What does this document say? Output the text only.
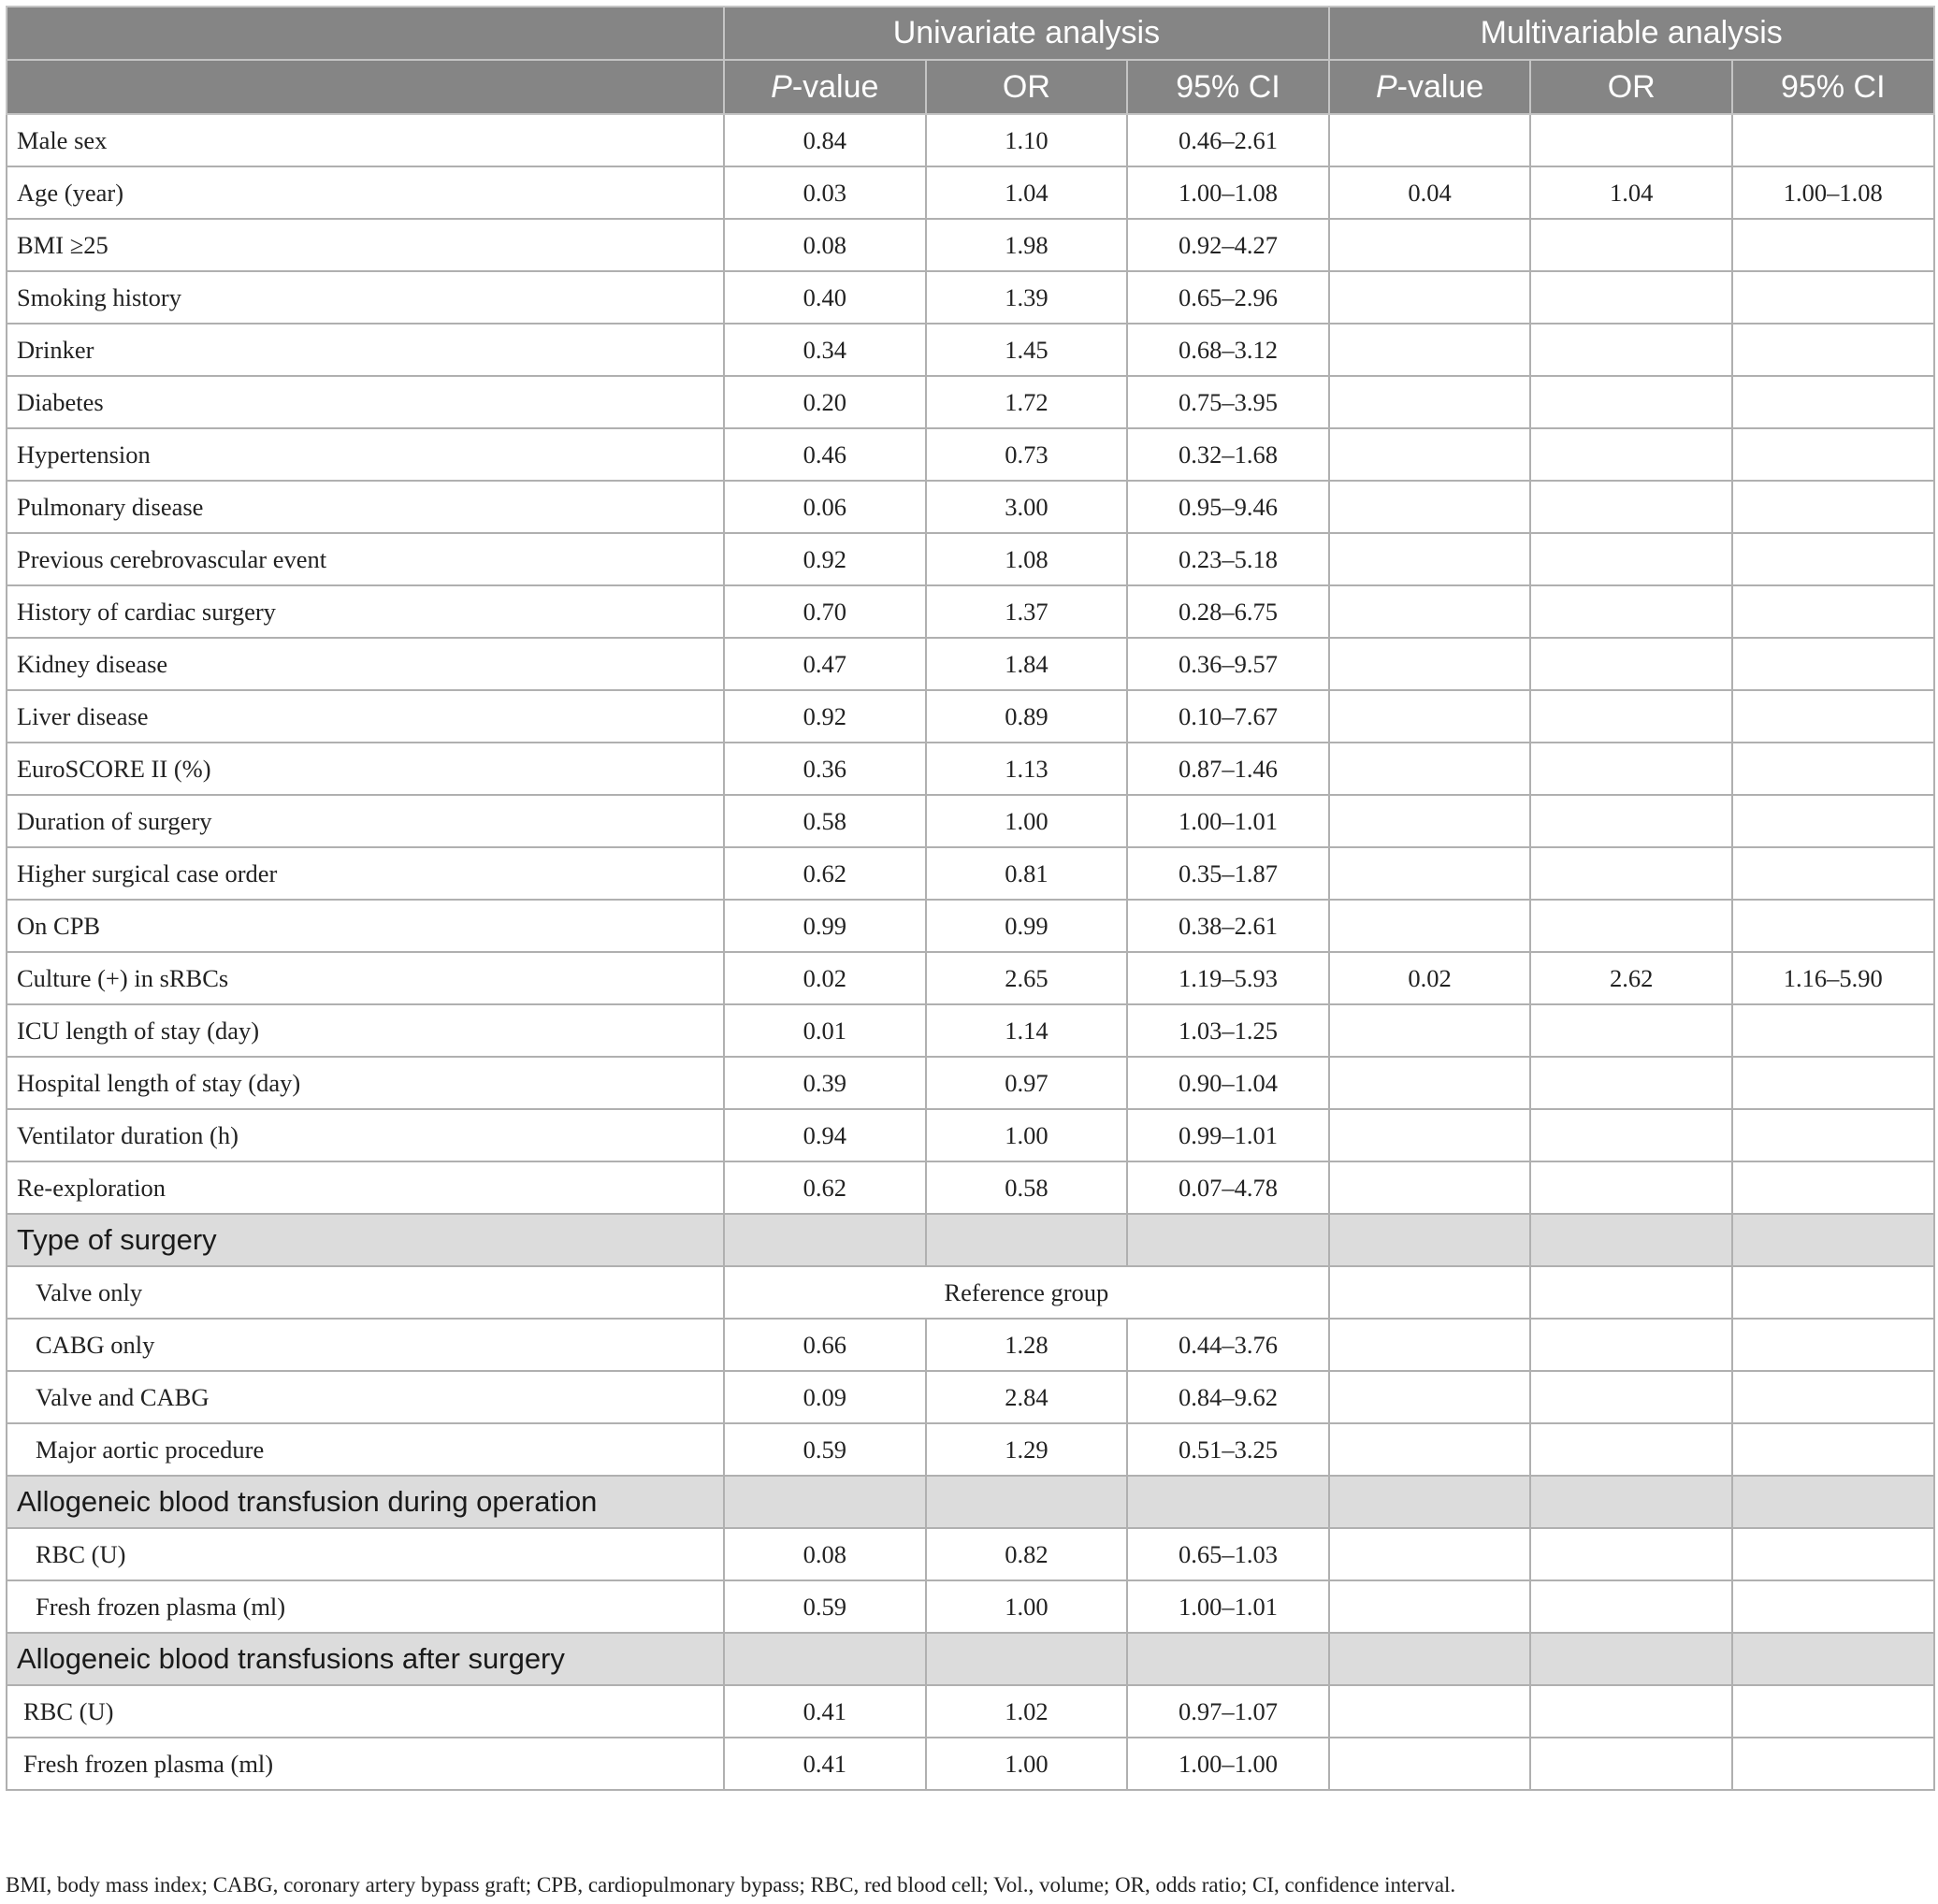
	Univariate analysis			Multivariable analysis		
	P-value	OR	95% CI	P-value	OR	95% CI
Male sex	0.84	1.10	0.46–2.61			
Age (year)	0.03	1.04	1.00–1.08	0.04	1.04	1.00–1.08
BMI ≥25	0.08	1.98	0.92–4.27			
Smoking history	0.40	1.39	0.65–2.96			
Drinker	0.34	1.45	0.68–3.12			
Diabetes	0.20	1.72	0.75–3.95			
Hypertension	0.46	0.73	0.32–1.68			
Pulmonary disease	0.06	3.00	0.95–9.46			
Previous cerebrovascular event	0.92	1.08	0.23–5.18			
History of cardiac surgery	0.70	1.37	0.28–6.75			
Kidney disease	0.47	1.84	0.36–9.57			
Liver disease	0.92	0.89	0.10–7.67			
EuroSCORE II (%)	0.36	1.13	0.87–1.46			
Duration of surgery	0.58	1.00	1.00–1.01			
Higher surgical case order	0.62	0.81	0.35–1.87			
On CPB	0.99	0.99	0.38–2.61			
Culture (+) in sRBCs	0.02	2.65	1.19–5.93	0.02	2.62	1.16–5.90
ICU length of stay (day)	0.01	1.14	1.03–1.25			
Hospital length of stay (day)	0.39	0.97	0.90–1.04			
Ventilator duration (h)	0.94	1.00	0.99–1.01			
Re-exploration	0.62	0.58	0.07–4.78			
Type of surgery						
Valve only	Reference group					
CABG only	0.66	1.28	0.44–3.76			
Valve and CABG	0.09	2.84	0.84–9.62			
Major aortic procedure	0.59	1.29	0.51–3.25			
Allogeneic blood transfusion during operation						
RBC (U)	0.08	0.82	0.65–1.03			
Fresh frozen plasma (ml)	0.59	1.00	1.00–1.01			
Allogeneic blood transfusions after surgery						
RBC (U)	0.41	1.02	0.97–1.07			
Fresh frozen plasma (ml)	0.41	1.00	1.00–1.00			
BMI, body mass index; CABG, coronary artery bypass graft; CPB, cardiopulmonary bypass; RBC, red blood cell; Vol., volume; OR, odds ratio; CI, confidence interval.
